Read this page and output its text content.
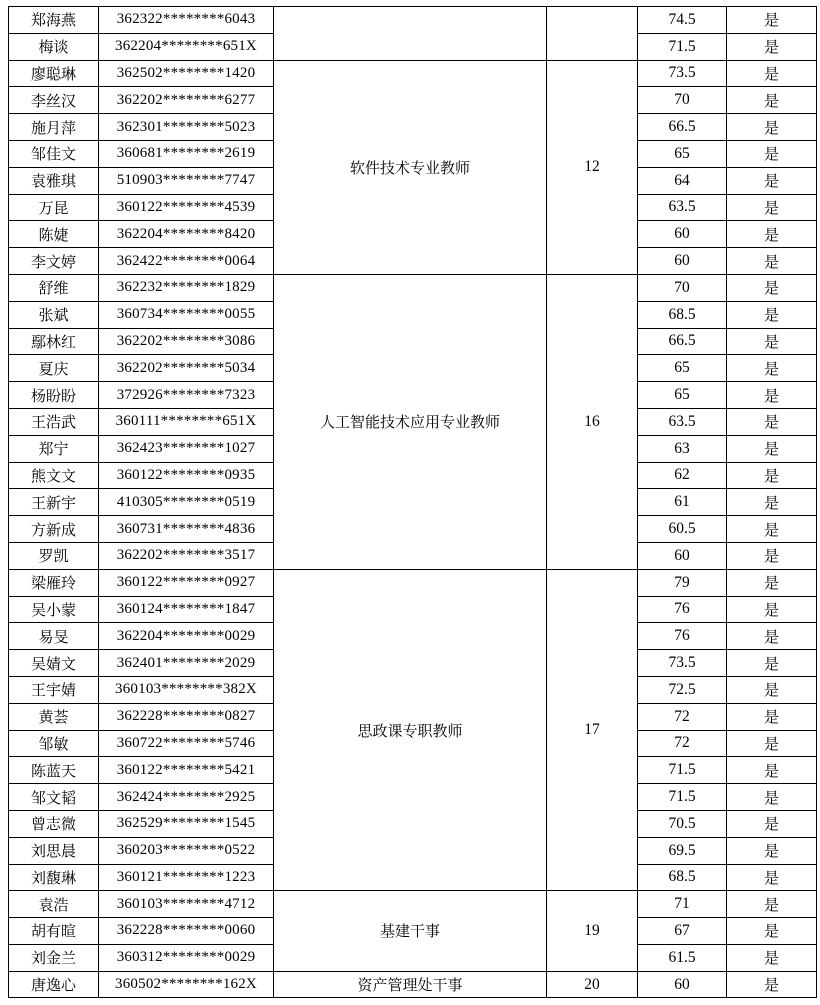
郑海燕	362322********6043			74.5	是
梅谈	362204********651X			71.5	是
廖聪琳	362502********1420	软件技术专业教师	12	73.5	是
李丝汉	362202********6277			70	是
施月萍	362301********5023			66.5	是
邹佳文	360681********2619			65	是
袁雅琪	510903********7747			64	是
万昆	360122********4539			63.5	是
陈婕	362204********8420			60	是
李文婷	362422********0064			60	是
舒维	362232********1829	人工智能技术应用专业教师	16	70	是
张斌	360734********0055			68.5	是
鄢林红	362202********3086			66.5	是
夏庆	362202********5034			65	是
杨盼盼	372926********7323			65	是
王浩武	360111********651X			63.5	是
郑宁	362423********1027			63	是
熊文文	360122********0935			62	是
王新宇	410305********0519			61	是
方新成	360731********4836			60.5	是
罗凯	362202********3517			60	是
梁雁玲	360122********0927	思政课专职教师	17	79	是
吴小蒙	360124********1847			76	是
易旻	362204********0029			76	是
吴婧文	362401********2029			73.5	是
王宇婧	360103********382X			72.5	是
黄荟	362228********0827			72	是
邹敏	360722********5746			72	是
陈蓝天	360122********5421			71.5	是
邹文韬	362424********2925			71.5	是
曾志微	362529********1545			70.5	是
刘思晨	360203********0522			69.5	是
刘馥琳	360121********1223			68.5	是
袁浩	360103********4712	基建干事	19	71	是
胡有暄	362228********0060			67	是
刘金兰	360312********0029			61.5	是
唐逸心	360502********162X	资产管理处干事	20	60	是
